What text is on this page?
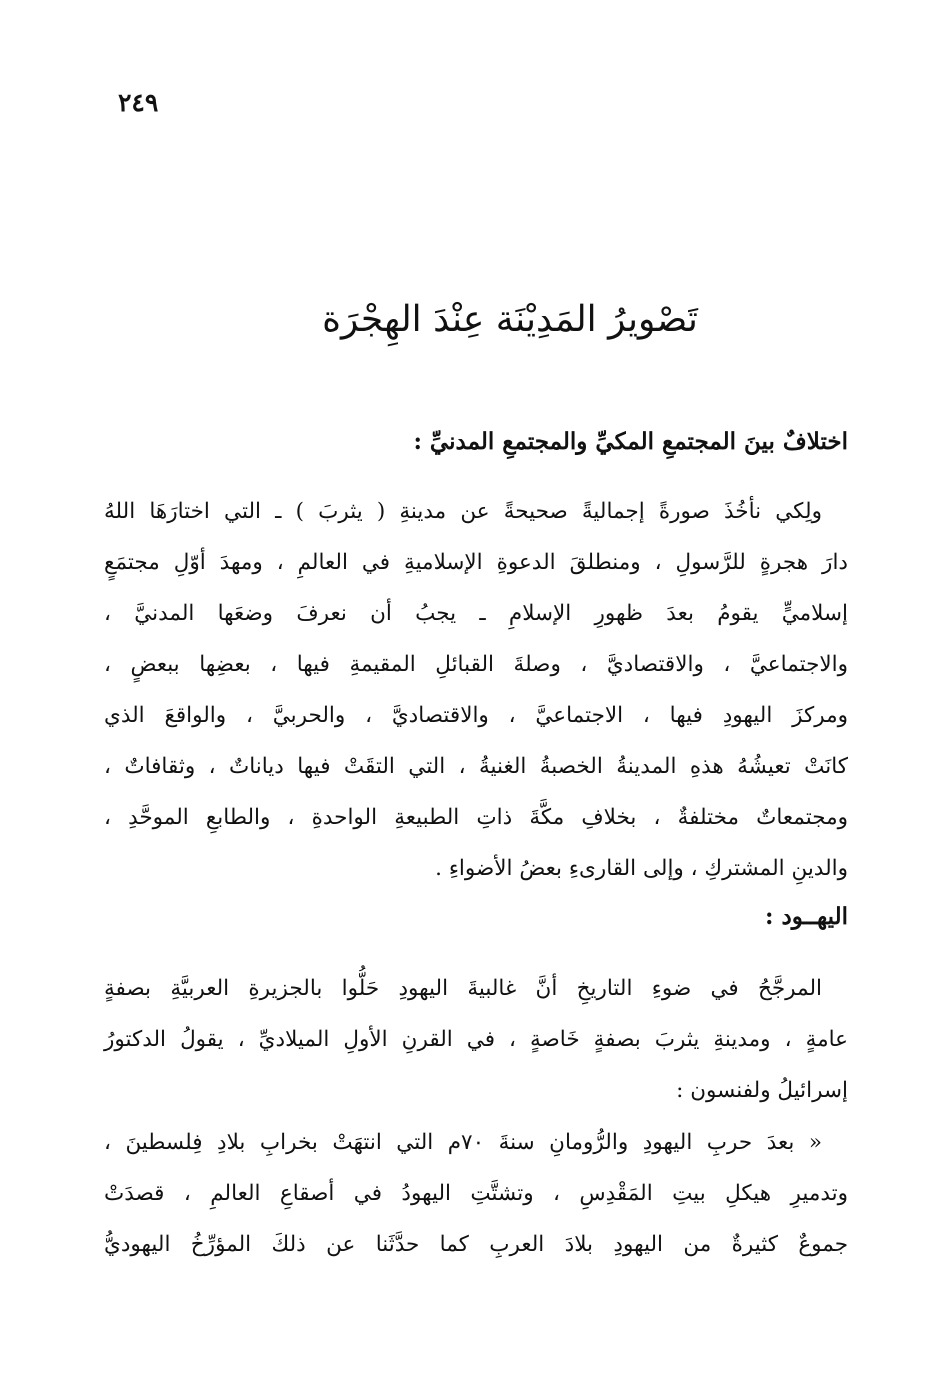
٢٤٩
تَصْويرُ المَدِيْنَة عِنْدَ الهِجْرَة
اختلافٌ بينَ المجتمعِ المكيِّ والمجتمعِ المدنيِّ :
ولِكي نأخُذَ صورةً إجماليةً صحيحةً عن مدينةِ ( يثربَ ) ـ التي اختارَهَا اللهُ
دارَ هجرةٍ للرَّسولِ ، ومنطلقَ الدعوةِ الإسلاميةِ في العالمِ ، ومهدَ أوّلِ مجتمَعٍ
إسلاميٍّ يقومُ بعدَ ظهورِ الإسلامِ ـ يجبُ أن نعرفَ وضعَها المدنيَّ ،
والاجتماعيَّ ، والاقتصاديَّ ، وصلةَ القبائلِ المقيمةِ فيها ، بعضِها ببعضٍ ،
ومركزَ اليهودِ فيها ، الاجتماعيَّ ، والاقتصاديَّ ، والحربيَّ ، والواقعَ الذي
كانَتْ تعيشُهُ هذهِ المدينةُ الخصبةُ الغنيةُ ، التي التقَتْ فيها دياناتٌ ، وثقافاتٌ ،
ومجتمعاتٌ مختلفةٌ ، بخلافِ مكَّةَ ذاتِ الطبيعةِ الواحدةِ ، والطابعِ الموحَّدِ ،
والدينِ المشتركِ ، وإلى القارىءِ بعضُ الأضواءِ .
اليهــود :
المرجَّحُ في ضوءِ التاريخِ أنَّ غالبيةَ اليهودِ حَلُّوا بالجزيرةِ العربيَّةِ بصفةٍ
عامةٍ ، ومدينةِ يثربَ بصفةٍ خَاصةٍ ، في القرنِ الأولِ الميلاديِّ ، يقولُ الدكتورُ
إسرائيلُ ولفنسون :
« بعدَ حربِ اليهودِ والرُّومانِ سنةَ ٧٠م التي انتهَتْ بخرابِ بلادِ فِلسطينَ ،
وتدميرِ هيكلِ بيتِ المَقْدِسِ ، وتشتَّتِ اليهودُ في أصقاعِ العالمِ ، قصدَتْ
جموعٌ كثيرةٌ من اليهودِ بلادَ العربِ كما حدَّثَنا عن ذلكَ المؤرِّخُ اليهوديُّ
